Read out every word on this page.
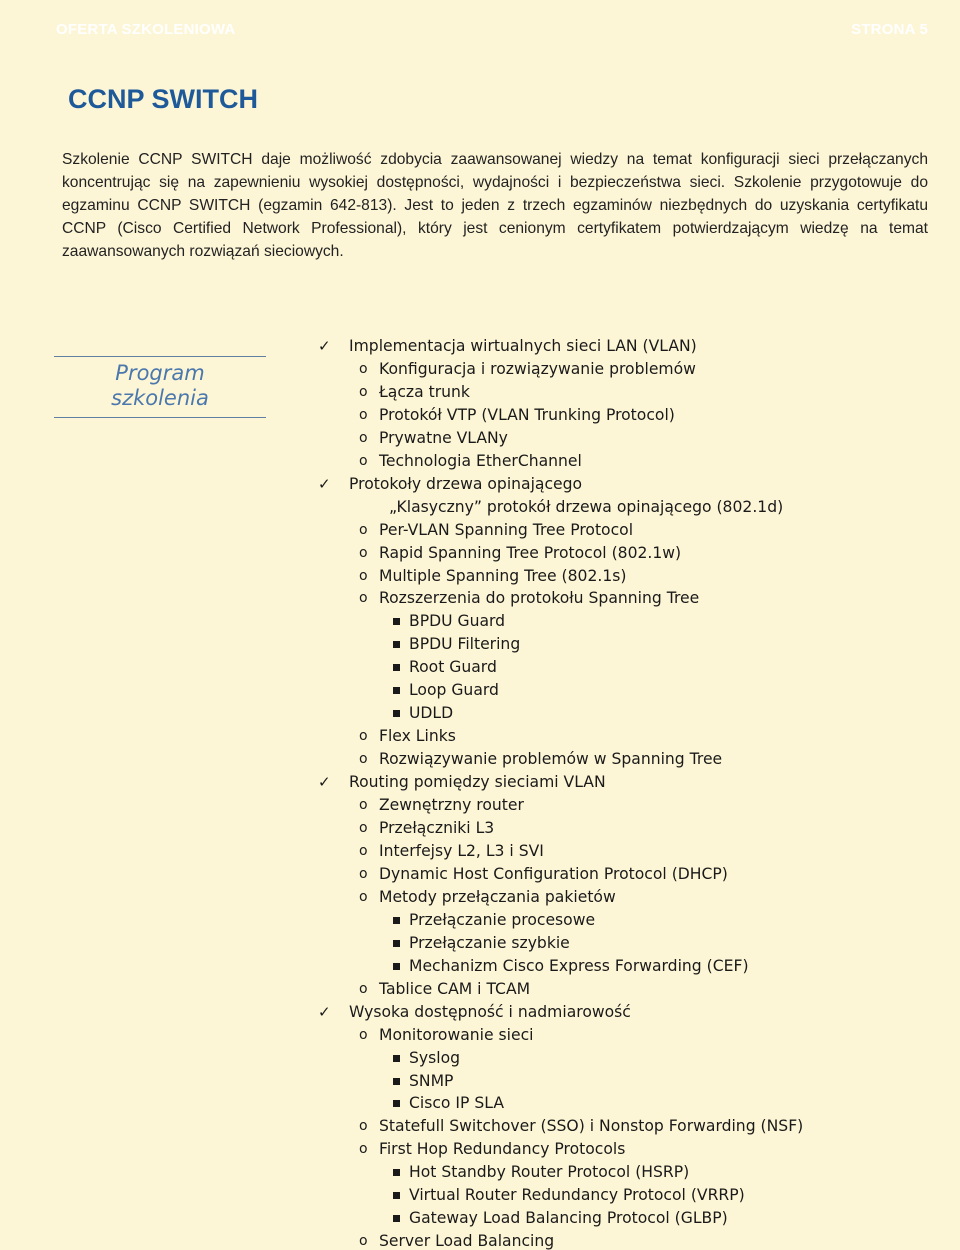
OFERTA SZKOLENIOWA	STRONA 5
CCNP SWITCH

Szkolenie CCNP SWITCH daje możliwość zdobycia zaawansowanej wiedzy na temat konfiguracji sieci przełączanych koncentrując się na zapewnieniu wysokiej dostępności, wydajności i bezpieczeństwa sieci. Szkolenie przygotowuje do egzaminu CCNP SWITCH (egzamin 642-813). Jest to jeden z trzech egzaminów niezbędnych do uzyskania certyfikatu CCNP (Cisco Certified Network Professional), który jest cenionym certyfikatem potwierdzającym wiedzę na temat zaawansowanych rozwiązań sieciowych.

Program
szkolenia
✓ Implementacja wirtualnych sieci LAN (VLAN)
o Konfiguracja i rozwiązywanie problemów
o Łącza trunk
o Protokół VTP (VLAN Trunking Protocol)
o Prywatne VLANy
o Technologia EtherChannel
✓ Protokoły drzewa opinającego
„Klasyczny” protokół drzewa opinającego (802.1d)
o Per-VLAN Spanning Tree Protocol
o Rapid Spanning Tree Protocol (802.1w)
o Multiple Spanning Tree (802.1s)
o Rozszerzenia do protokołu Spanning Tree
BPDU Guard
BPDU Filtering
Root Guard
Loop Guard
UDLD
o Flex Links
o Rozwiązywanie problemów w Spanning Tree
✓ Routing pomiędzy sieciami VLAN
o Zewnętrzny router
o Przełączniki L3
o Interfejsy L2, L3 i SVI
o Dynamic Host Configuration Protocol (DHCP)
o Metody przełączania pakietów
Przełączanie procesowe
Przełączanie szybkie
Mechanizm Cisco Express Forwarding (CEF)
o Tablice CAM i TCAM
✓ Wysoka dostępność i nadmiarowość
o Monitorowanie sieci
Syslog
SNMP
Cisco IP SLA
o Statefull Switchover (SSO) i Nonstop Forwarding (NSF)
o First Hop Redundancy Protocols
Hot Standby Router Protocol (HSRP)
Virtual Router Redundancy Protocol (VRRP)
Gateway Load Balancing Protocol (GLBP)
o Server Load Balancing
